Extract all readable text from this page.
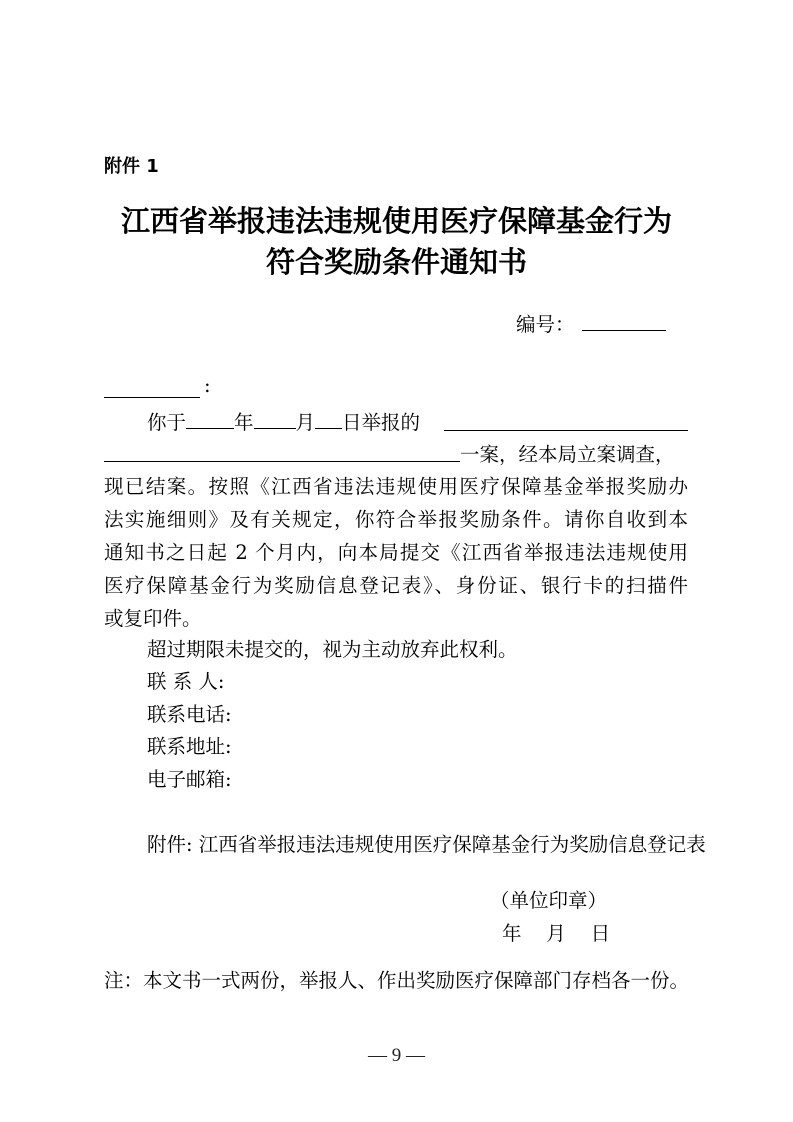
附件 1
江西省举报违法违规使用医疗保障基金行为
符合奖励条件通知书
编号：
:
你于 年 月 日举报的
一案，经本局立案调查，
现已结案。按照《江西省违法违规使用医疗保障基金举报奖励办
法实施细则》及有关规定，你符合举报奖励条件。请你自收到本
通知书之日起 2 个月内，向本局提交《江西省举报违法违规使用
医疗保障基金行为奖励信息登记表》、身份证、银行卡的扫描件
或复印件。
超过期限未提交的，视为主动放弃此权利。
联 系 人:
联系电话:
联系地址:
电子邮箱:
附件: 江西省举报违法违规使用医疗保障基金行为奖励信息登记表
（单位印章）
年    月    日
注：本文书一式两份，举报人、作出奖励医疗保障部门存档各一份。
— 9 —
